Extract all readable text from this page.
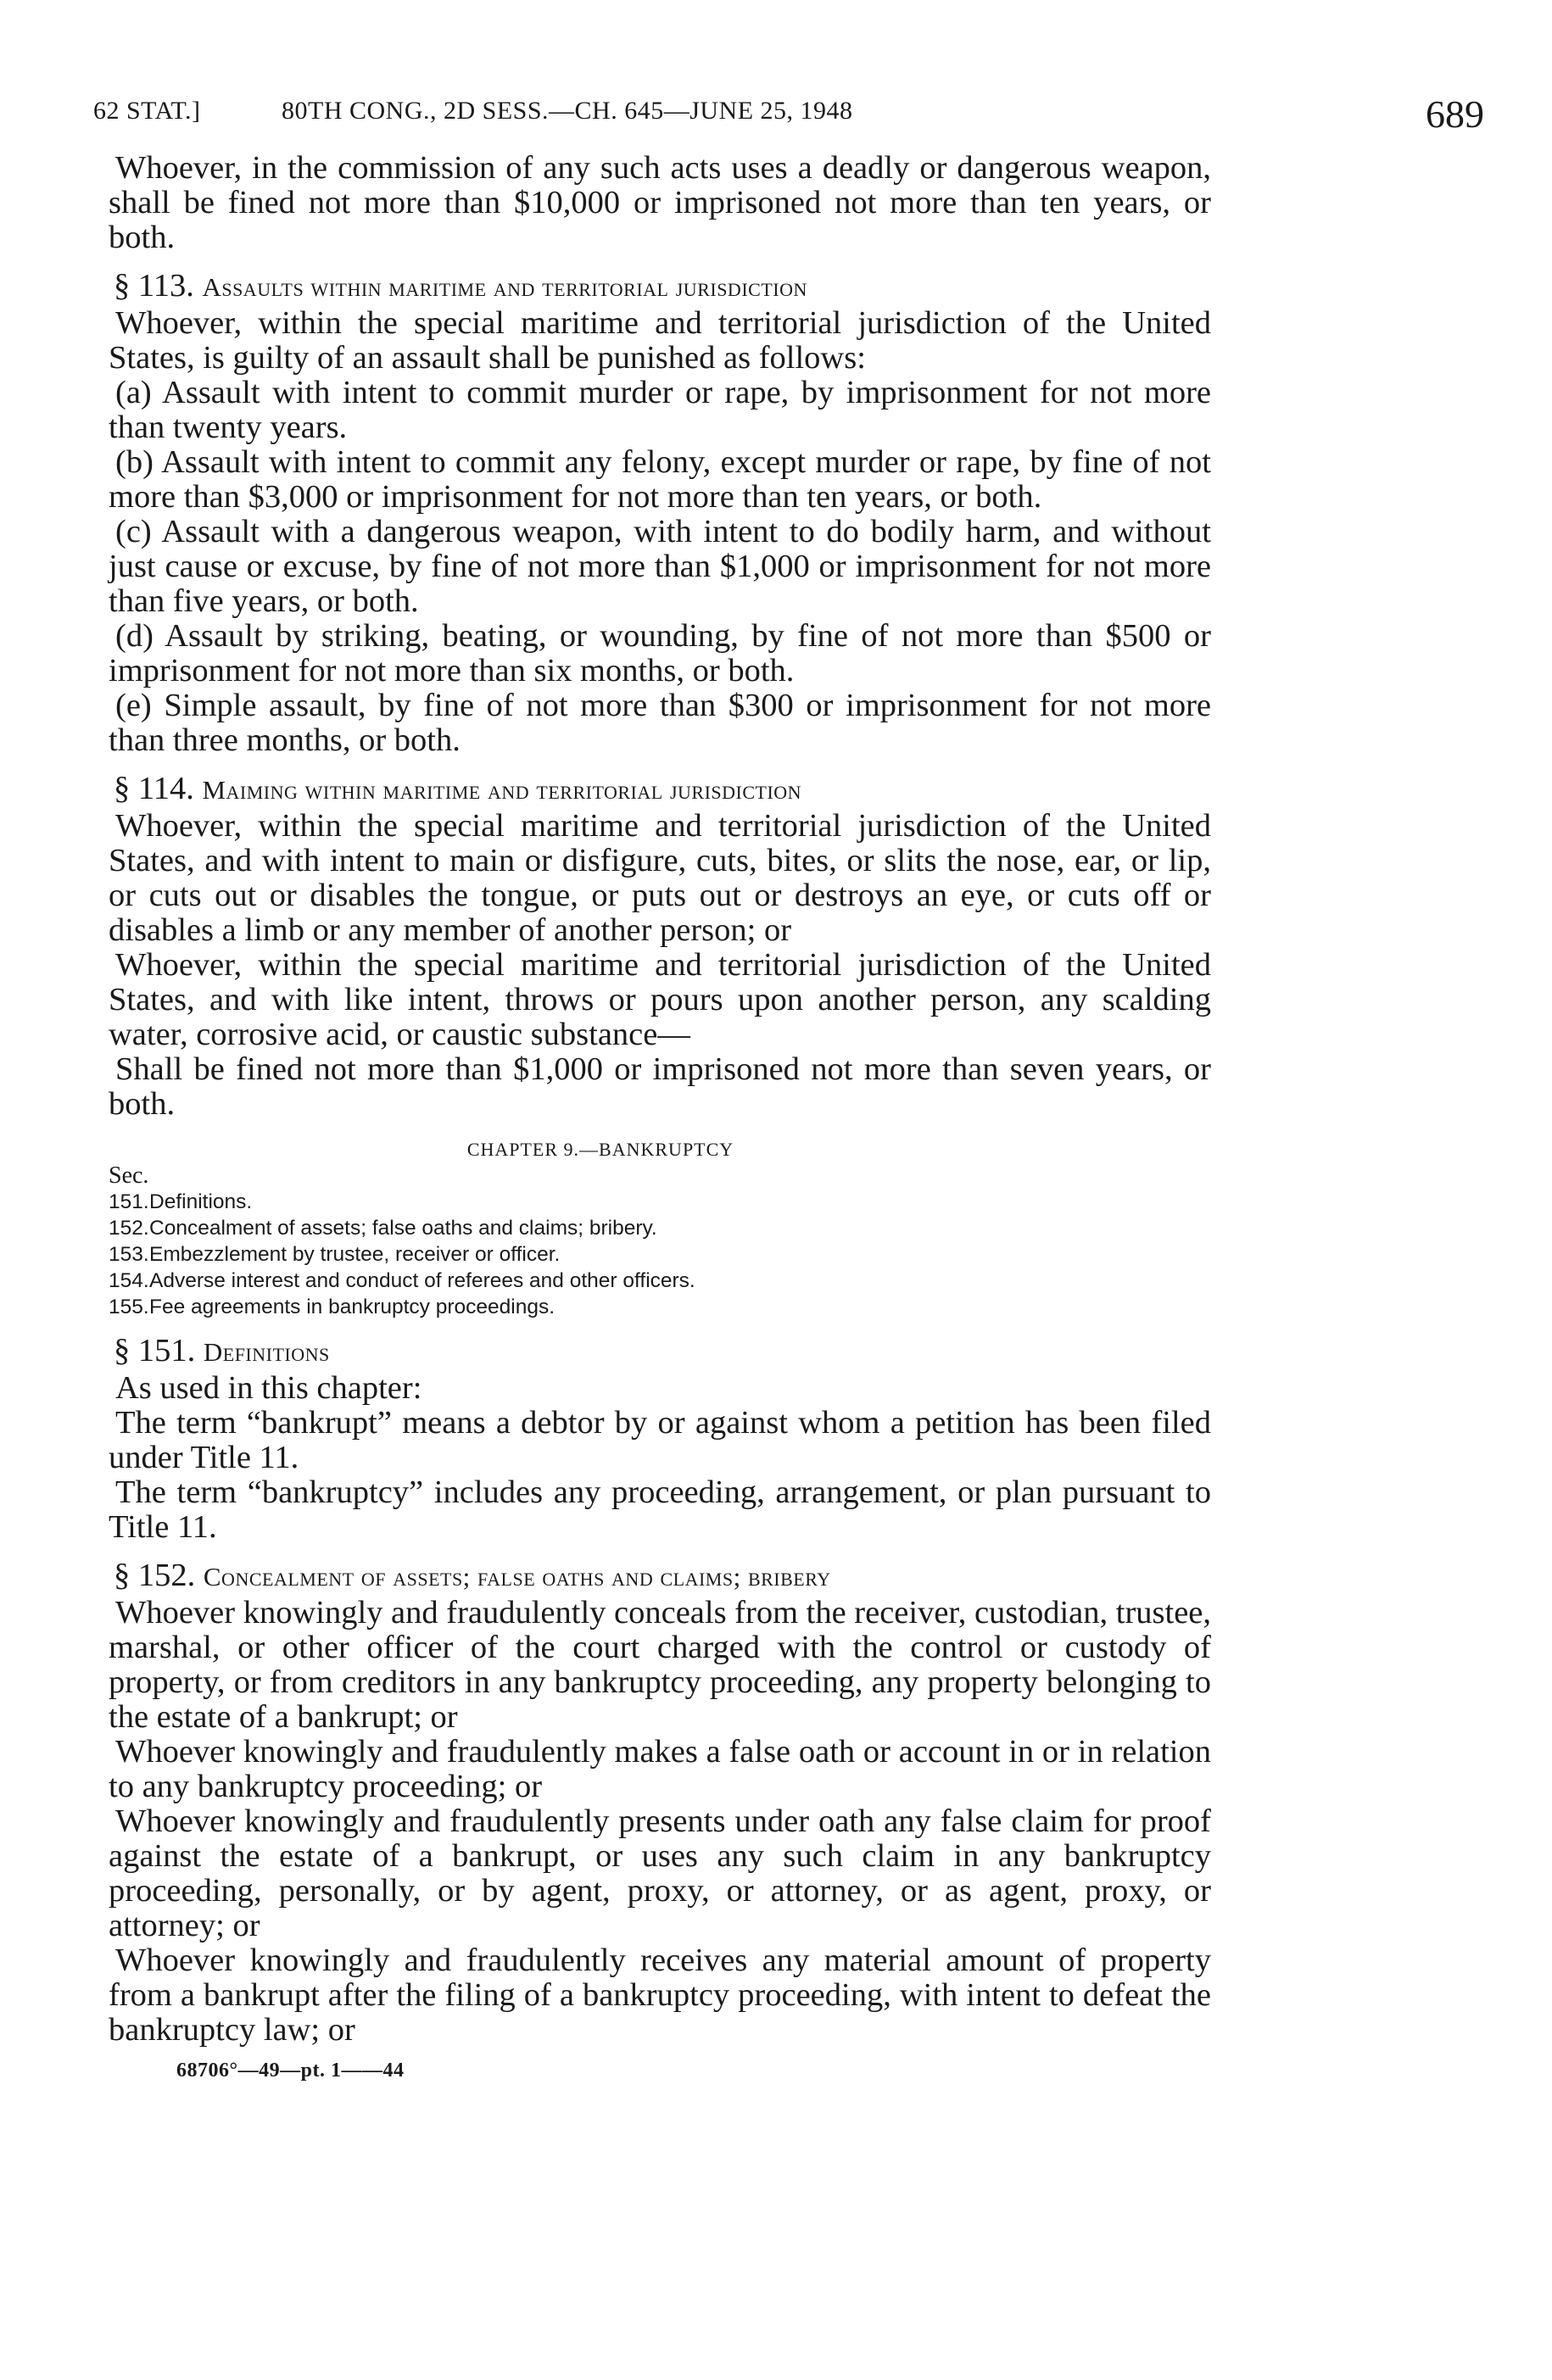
62 STAT.]	80TH CONG., 2D SESS.—CH. 645—JUNE 25, 1948	689

Whoever, in the commission of any such acts uses a deadly or dangerous weapon, shall be fined not more than $10,000 or imprisoned not more than ten years, or both.

§ 113. Assaults within maritime and territorial jurisdiction

Whoever, within the special maritime and territorial jurisdiction of the United States, is guilty of an assault shall be punished as follows:

(a) Assault with intent to commit murder or rape, by imprisonment for not more than twenty years.

(b) Assault with intent to commit any felony, except murder or rape, by fine of not more than $3,000 or imprisonment for not more than ten years, or both.

(c) Assault with a dangerous weapon, with intent to do bodily harm, and without just cause or excuse, by fine of not more than $1,000 or imprisonment for not more than five years, or both.

(d) Assault by striking, beating, or wounding, by fine of not more than $500 or imprisonment for not more than six months, or both.

(e) Simple assault, by fine of not more than $300 or imprisonment for not more than three months, or both.

§ 114. Maiming within maritime and territorial jurisdiction

Whoever, within the special maritime and territorial jurisdiction of the United States, and with intent to main or disfigure, cuts, bites, or slits the nose, ear, or lip, or cuts out or disables the tongue, or puts out or destroys an eye, or cuts off or disables a limb or any member of another person; or

Whoever, within the special maritime and territorial jurisdiction of the United States, and with like intent, throws or pours upon another person, any scalding water, corrosive acid, or caustic substance—

Shall be fined not more than $1,000 or imprisoned not more than seven years, or both.

CHAPTER 9.—BANKRUPTCY
Sec.
151. Definitions.
152. Concealment of assets; false oaths and claims; bribery.
153. Embezzlement by trustee, receiver or officer.
154. Adverse interest and conduct of referees and other officers.
155. Fee agreements in bankruptcy proceedings.
§ 151. Definitions

As used in this chapter:

The term “bankrupt” means a debtor by or against whom a petition has been filed under Title 11.

The term “bankruptcy” includes any proceeding, arrangement, or plan pursuant to Title 11.

§ 152. Concealment of assets; false oaths and claims; bribery

Whoever knowingly and fraudulently conceals from the receiver, custodian, trustee, marshal, or other officer of the court charged with the control or custody of property, or from creditors in any bankruptcy proceeding, any property belonging to the estate of a bankrupt; or

Whoever knowingly and fraudulently makes a false oath or account in or in relation to any bankruptcy proceeding; or

Whoever knowingly and fraudulently presents under oath any false claim for proof against the estate of a bankrupt, or uses any such claim in any bankruptcy proceeding, personally, or by agent, proxy, or attorney, or as agent, proxy, or attorney; or

Whoever knowingly and fraudulently receives any material amount of property from a bankrupt after the filing of a bankruptcy proceeding, with intent to defeat the bankruptcy law; or

68706°—49—pt. 1——44
